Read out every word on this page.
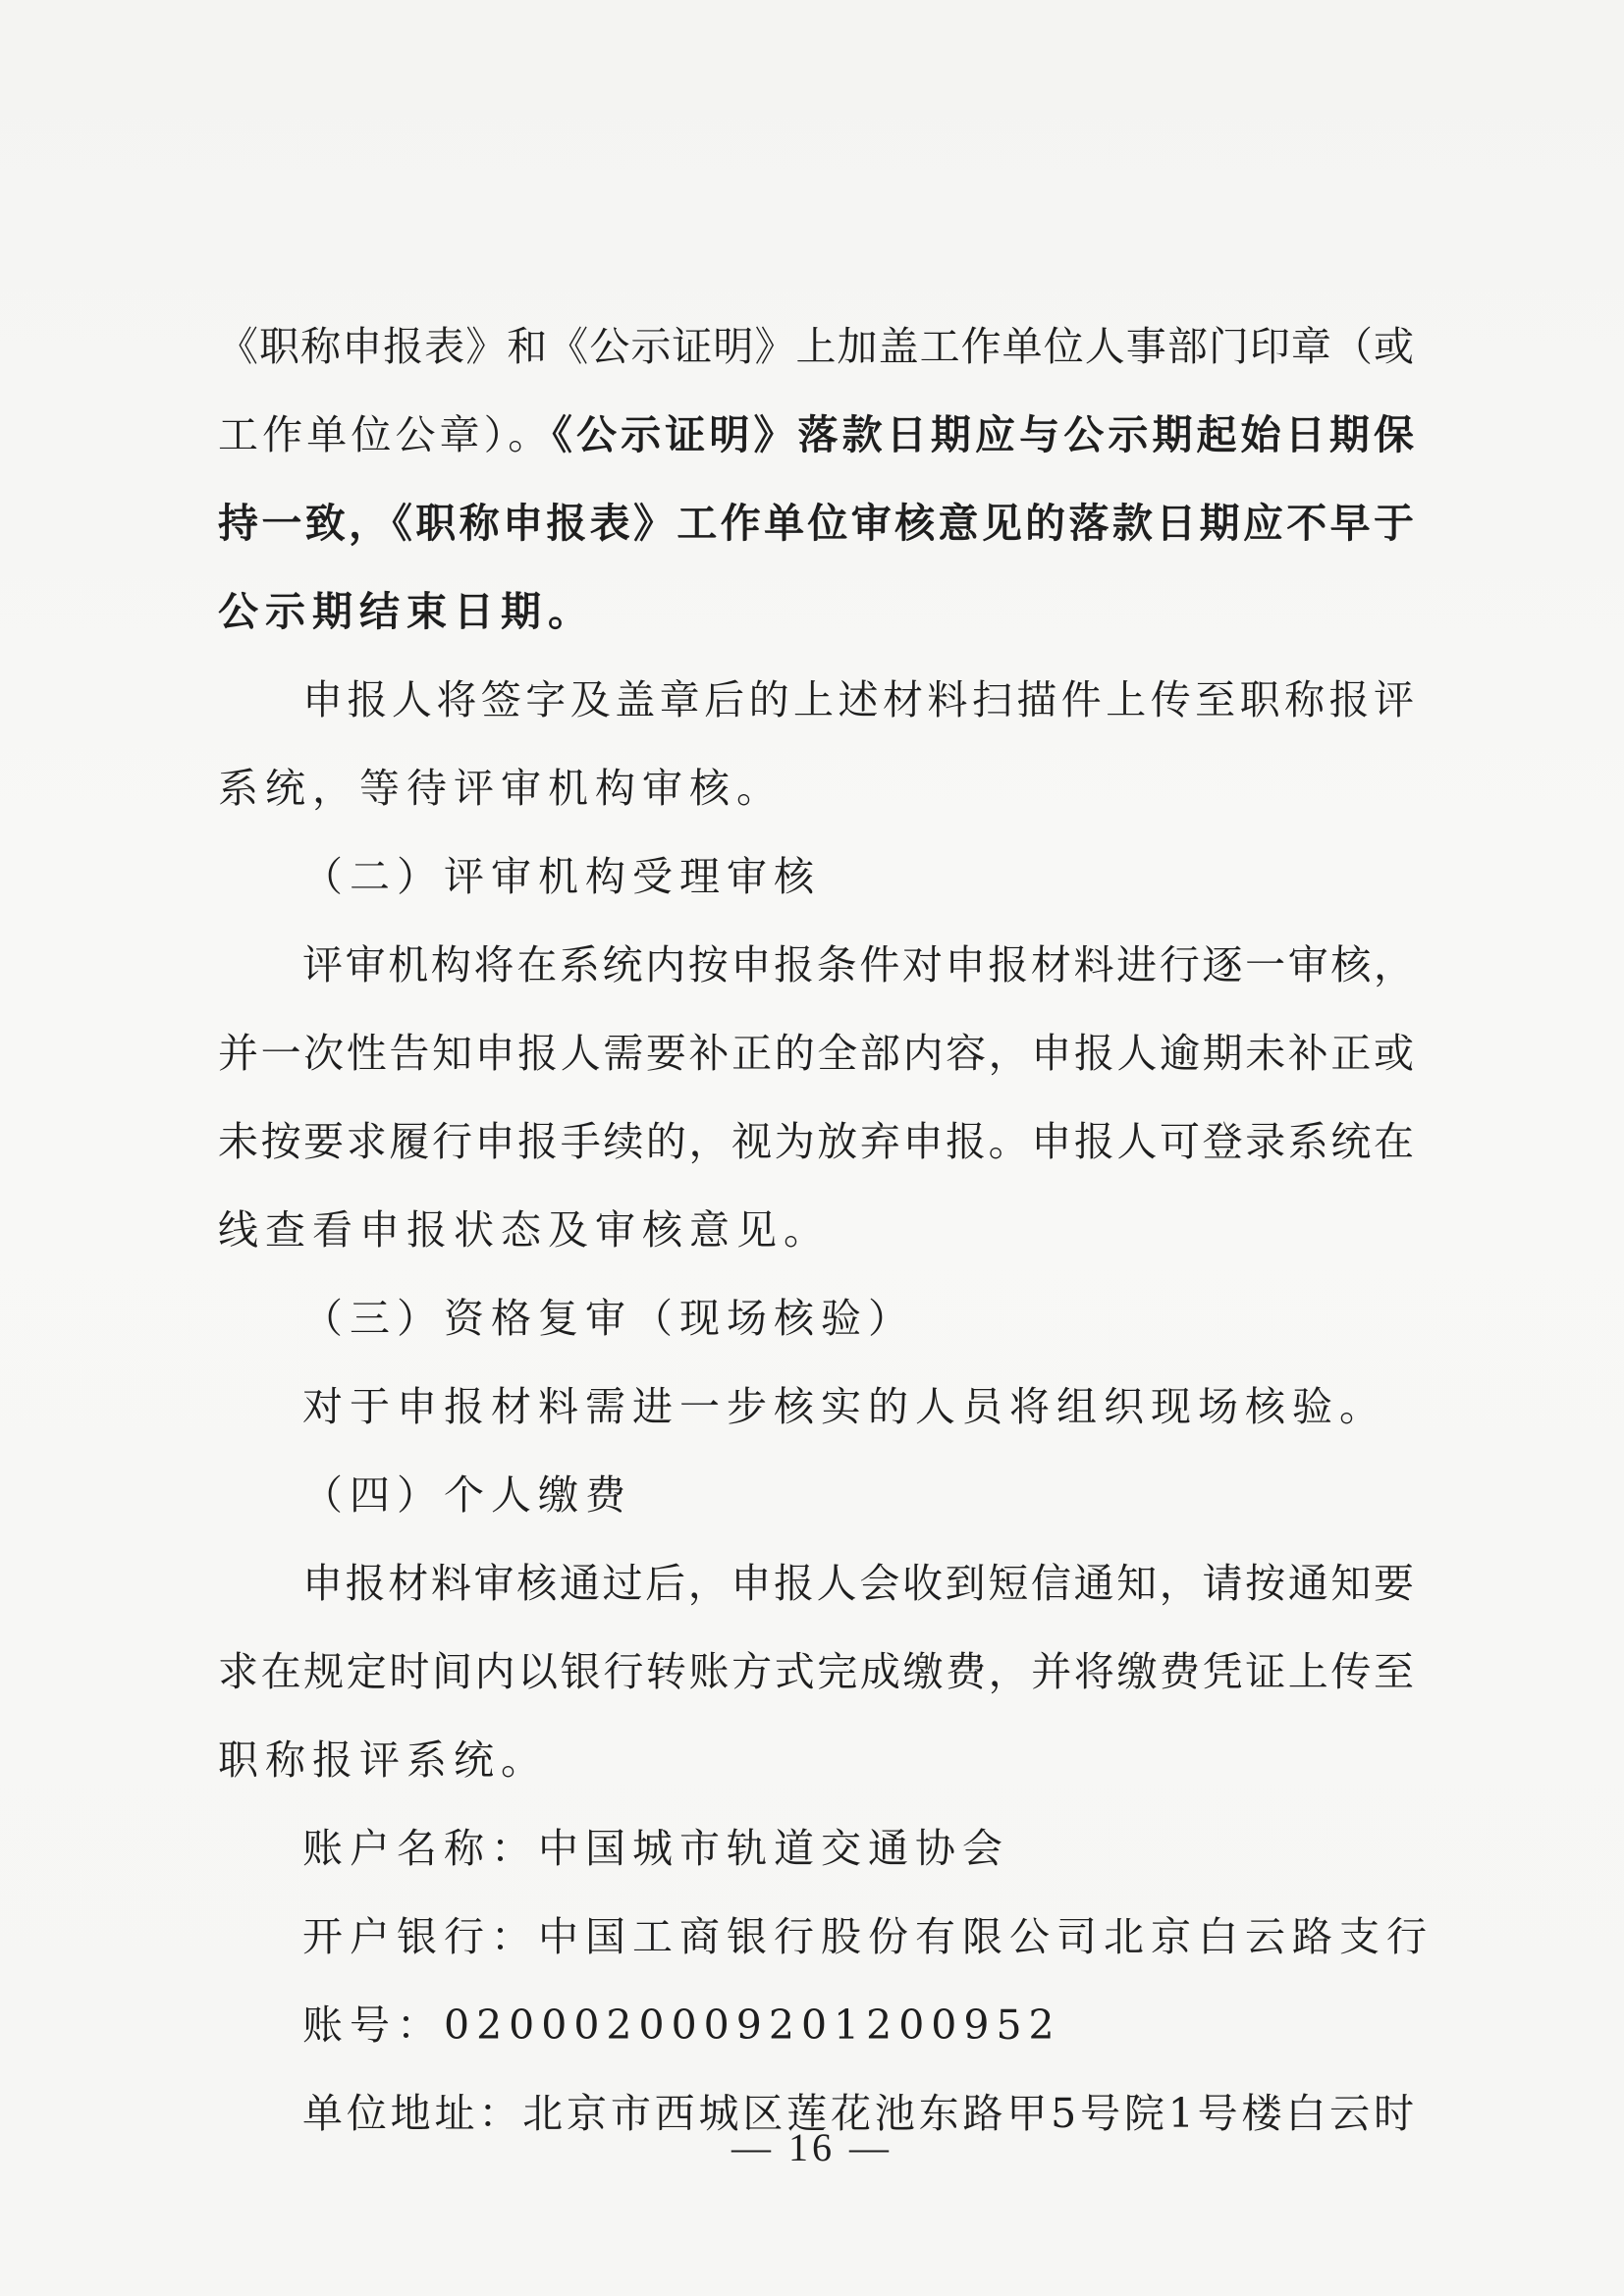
《职称申报表》和《公示证明》上加盖工作单位人事部门印章（或
工作单位公章）。《公示证明》落款日期应与公示期起始日期保
持一致，《职称申报表》工作单位审核意见的落款日期应不早于
公示期结束日期。
申报人将签字及盖章后的上述材料扫描件上传至职称报评
系统，等待评审机构审核。
（二）评审机构受理审核
评审机构将在系统内按申报条件对申报材料进行逐一审核，
并一次性告知申报人需要补正的全部内容，申报人逾期未补正或
未按要求履行申报手续的，视为放弃申报。申报人可登录系统在
线查看申报状态及审核意见。
（三）资格复审（现场核验）
对于申报材料需进一步核实的人员将组织现场核验。
（四）个人缴费
申报材料审核通过后，申报人会收到短信通知，请按通知要
求在规定时间内以银行转账方式完成缴费，并将缴费凭证上传至
职称报评系统。
账户名称：中国城市轨道交通协会
开户银行：中国工商银行股份有限公司北京白云路支行
账号：0200020009201200952
单位地址：北京市西城区莲花池东路甲5号院1号楼白云时
— 16 —
